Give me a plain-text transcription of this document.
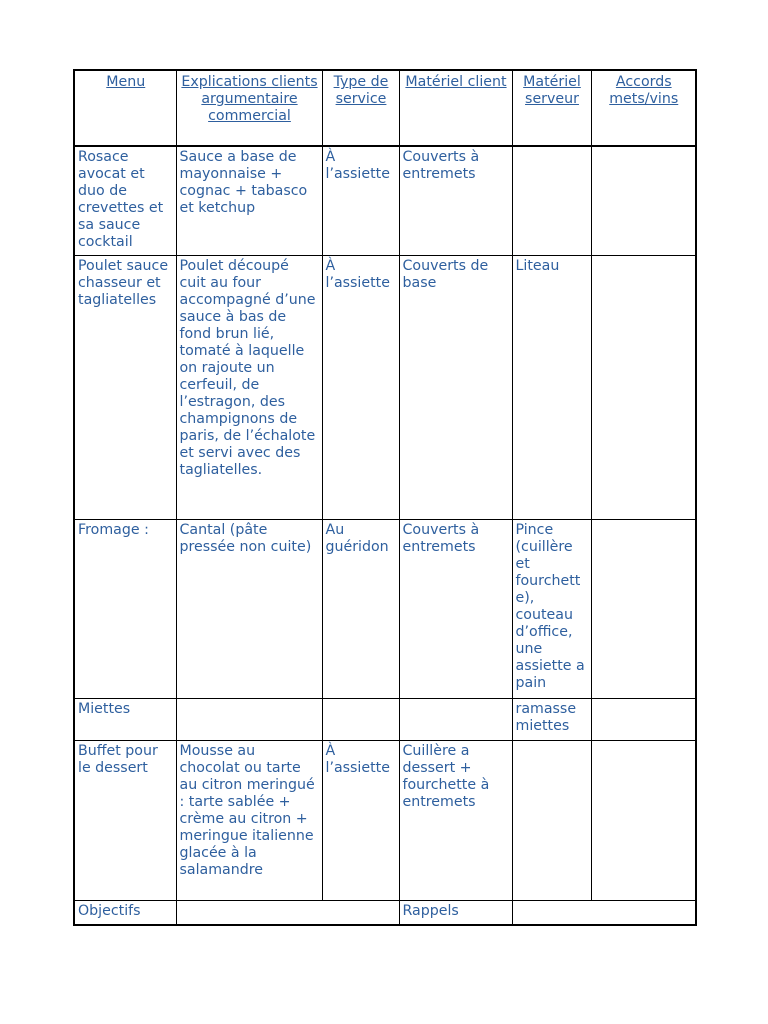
Menu	Explications clients argumentaire commercial	Type de service	Matériel client	Matériel serveur	Accords mets/vins
Rosace avocat et duo de crevettes et sa sauce cocktail	Sauce a base de mayonnaise + cognac + tabasco et ketchup	À l’assiette	Couverts à entremets		
Poulet sauce chasseur et tagliatelles	Poulet découpé cuit au four accompagné d’une sauce à bas de fond brun lié, tomaté à laquelle on rajoute un cerfeuil, de l’estragon, des champignons de paris, de l’échalote et servi avec des tagliatelles.	À l’assiette	Couverts de base	Liteau	
Fromage :	Cantal (pâte pressée non cuite)	Au guéridon	Couverts à entremets	Pince (cuillère et fourchette), couteau d’office, une assiette a pain	
Miettes				ramasse miettes	
Buffet pour le dessert	Mousse au chocolat ou tarte au citron meringué : tarte sablée + crème au citron + meringue italienne glacée à la salamandre	À l’assiette	Cuillère a dessert + fourchette à entremets		
Objectifs			Rappels		
